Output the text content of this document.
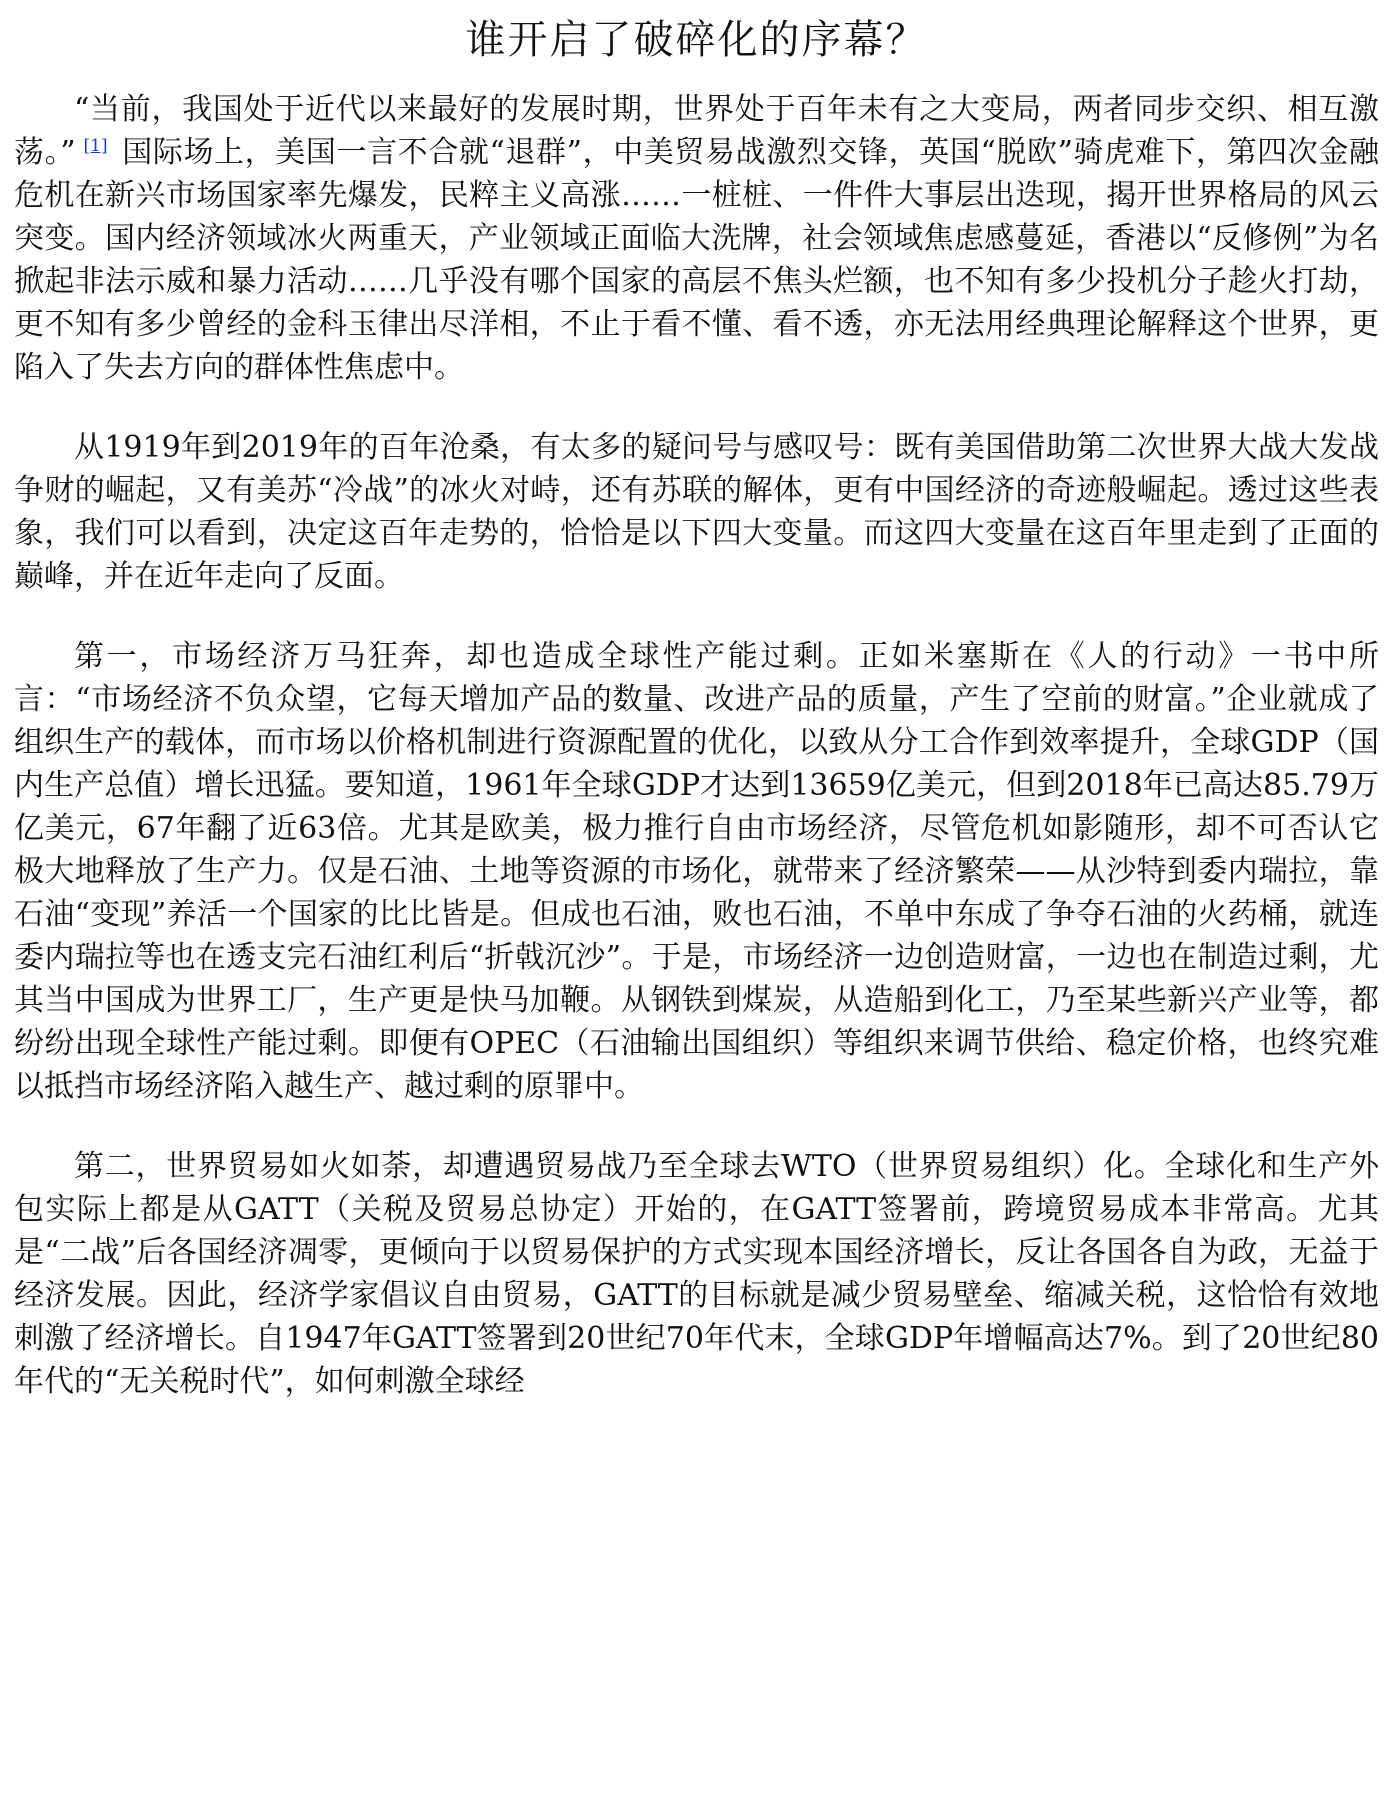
谁开启了破碎化的序幕？

“当前，我国处于近代以来最好的发展时期，世界处于百年未有之大变局，两者同步交织、相互激荡。” [1] 国际场上，美国一言不合就“退群”，中美贸易战激烈交锋，英国“脱欧”骑虎难下，第四次金融危机在新兴市场国家率先爆发，民粹主义高涨……一桩桩、一件件大事层出迭现，揭开世界格局的风云突变。国内经济领域冰火两重天，产业领域正面临大洗牌，社会领域焦虑感蔓延，香港以“反修例”为名掀起非法示威和暴力活动……几乎没有哪个国家的高层不焦头烂额，也不知有多少投机分子趁火打劫，更不知有多少曾经的金科玉律出尽洋相，不止于看不懂、看不透，亦无法用经典理论解释这个世界，更陷入了失去方向的群体性焦虑中。

从1919年到2019年的百年沧桑，有太多的疑问号与感叹号：既有美国借助第二次世界大战大发战争财的崛起，又有美苏“冷战”的冰火对峙，还有苏联的解体，更有中国经济的奇迹般崛起。透过这些表象，我们可以看到，决定这百年走势的，恰恰是以下四大变量。而这四大变量在这百年里走到了正面的巅峰，并在近年走向了反面。

第一，市场经济万马狂奔，却也造成全球性产能过剩。正如米塞斯在《人的行动》一书中所言：“市场经济不负众望，它每天增加产品的数量、改进产品的质量，产生了空前的财富。”企业就成了组织生产的载体，而市场以价格机制进行资源配置的优化，以致从分工合作到效率提升，全球GDP（国内生产总值）增长迅猛。要知道，1961年全球GDP才达到13659亿美元，但到2018年已高达85.79万亿美元，67年翻了近63倍。尤其是欧美，极力推行自由市场经济，尽管危机如影随形，却不可否认它极大地释放了生产力。仅是石油、土地等资源的市场化，就带来了经济繁荣——从沙特到委内瑞拉，靠石油“变现”养活一个国家的比比皆是。但成也石油，败也石油，不单中东成了争夺石油的火药桶，就连委内瑞拉等也在透支完石油红利后“折戟沉沙”。于是，市场经济一边创造财富，一边也在制造过剩，尤其当中国成为世界工厂，生产更是快马加鞭。从钢铁到煤炭，从造船到化工，乃至某些新兴产业等，都纷纷出现全球性产能过剩。即便有OPEC（石油输出国组织）等组织来调节供给、稳定价格，也终究难以抵挡市场经济陷入越生产、越过剩的原罪中。

第二，世界贸易如火如荼，却遭遇贸易战乃至全球去WTO（世界贸易组织）化。全球化和生产外包实际上都是从GATT（关税及贸易总协定）开始的，在GATT签署前，跨境贸易成本非常高。尤其是“二战”后各国经济凋零，更倾向于以贸易保护的方式实现本国经济增长，反让各国各自为政，无益于经济发展。因此，经济学家倡议自由贸易，GATT的目标就是减少贸易壁垒、缩减关税，这恰恰有效地刺激了经济增长。自1947年GATT签署到20世纪70年代末，全球GDP年增幅高达7%。到了20世纪80年代的“无关税时代”，如何刺激全球经
